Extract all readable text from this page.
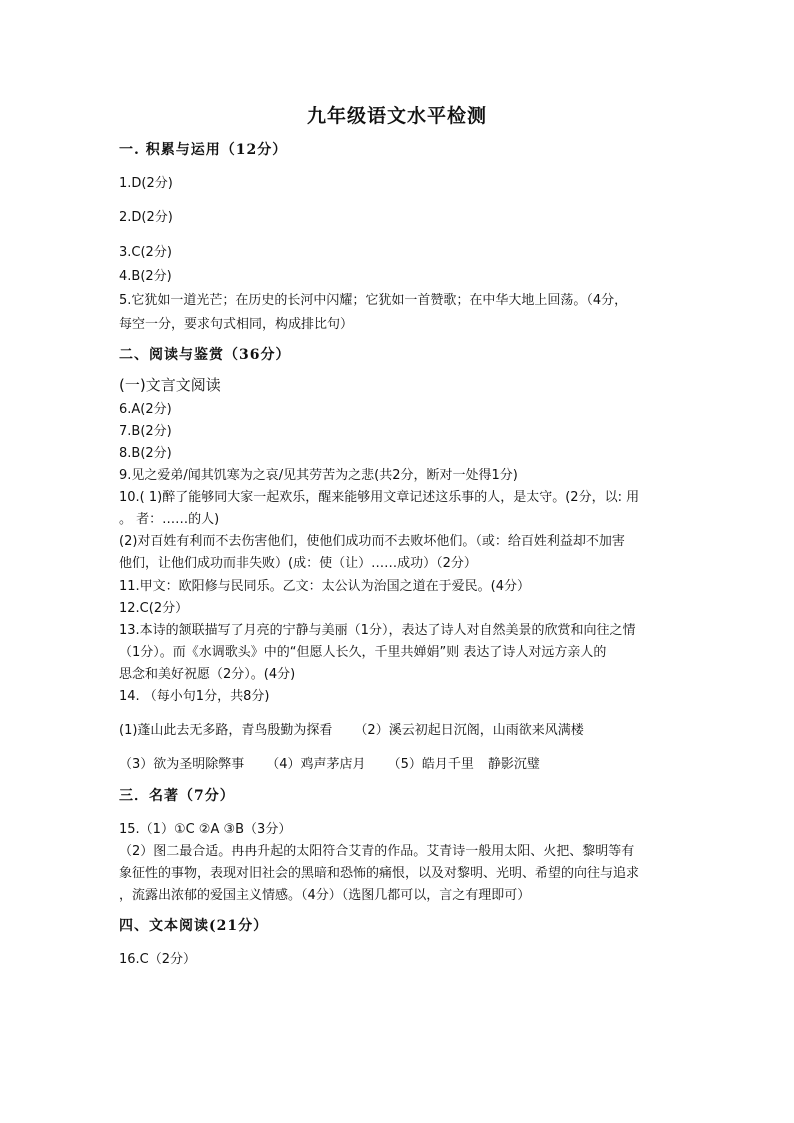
九年级语文水平检测
一. 积累与运用（12分）
1.D(2分)
2.D(2分)
3.C(2分)
4.B(2分)
5.它犹如一道光芒；在历史的长河中闪耀；它犹如一首赞歌；在中华大地上回荡。（4分，
每空一分，要求句式相同，构成排比句）
二、阅读与鉴赏（36分）
(一)文言文阅读
6.A(2分)
7.B(2分)
8.B(2分)
9.见之爱弟/闻其饥寒为之哀/见其劳苦为之悲(共2分，断对一处得1分)
10.( 1)醉了能够同大家一起欢乐，醒来能够用文章记述这乐事的人，是太守。(2分，以: 用
。 者：……的人)
(2)对百姓有利而不去伤害他们，使他们成功而不去败坏他们。（或：给百姓利益却不加害
他们，让他们成功而非失败）(成：使（让）……成功）（2分）
11.甲文：欧阳修与民同乐。乙文：太公认为治国之道在于爱民。(4分）
12.C(2分）
13.本诗的颔联描写了月亮的宁静与美丽（1分），表达了诗人对自然美景的欣赏和向往之情
（1分）。而《水调歌头》中的“但愿人长久，千里共婵娟”则 表达了诗人对远方亲人的
思念和美好祝愿（2分）。(4分)
14. （每小句1分，共8分)
(1)蓬山此去无多路，青鸟殷勤为探看 （2）溪云初起日沉阁，山雨欲来风满楼
（3）欲为圣明除弊事 （4）鸡声茅店月 （5）皓月千里 静影沉璧
三．名著（7分）
15.（1）①C ②A ③B（3分）
（2）图二最合适。冉冉升起的太阳符合艾青的作品。艾青诗一般用太阳、火把、黎明等有
象征性的事物，表现对旧社会的黑暗和恐怖的痛恨，以及对黎明、光明、希望的向往与追求
，流露出浓郁的爱国主义情感。（4分）（选图几都可以，言之有理即可）
四、文本阅读(21分）
16.C（2分）
